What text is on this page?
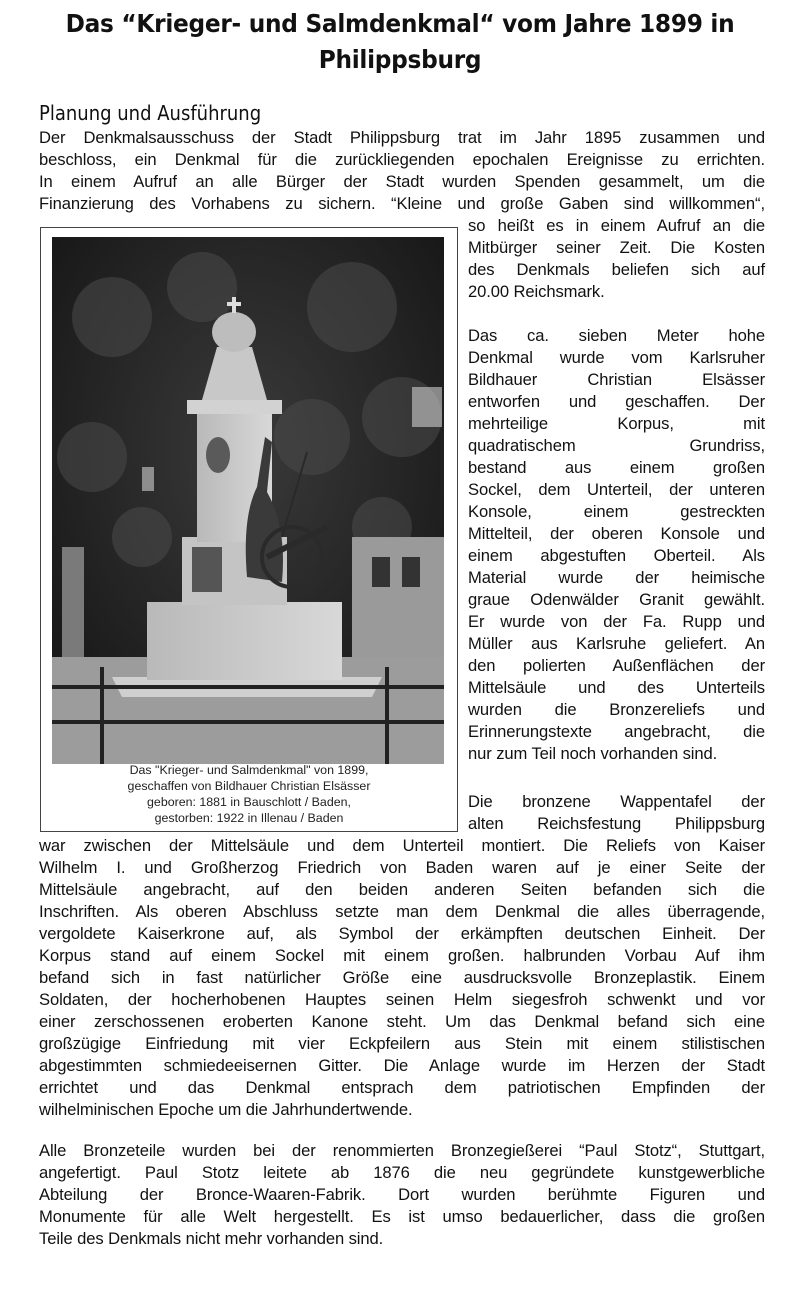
Das “Krieger- und Salmdenkmal“ vom Jahre 1899 in
Philippsburg
Planung und Ausführung
Der Denkmalsausschuss der Stadt Philippsburg trat im Jahr 1895 zusammen und
beschloss, ein Denkmal für die zurückliegenden epochalen Ereignisse zu errichten.
In einem Aufruf an alle Bürger der Stadt wurden Spenden gesammelt, um die
Finanzierung des Vorhabens zu sichern. “Kleine und große Gaben sind willkommen“,
Das "Krieger- und Salmdenkmal" von 1899,
geschaffen von Bildhauer Christian Elsässer
geboren: 1881 in Bauschlott / Baden,
gestorben: 1922 in Illenau / Baden
so heißt es in einem Aufruf an die
Mitbürger seiner Zeit. Die Kosten
des Denkmals beliefen sich auf
20.00 Reichsmark.
Das ca. sieben Meter hohe
Denkmal wurde vom Karlsruher
Bildhauer Christian Elsässer
entworfen und geschaffen. Der
mehrteilige Korpus, mit
quadratischem Grundriss,
bestand aus einem großen
Sockel, dem Unterteil, der unteren
Konsole, einem gestreckten
Mittelteil, der oberen Konsole und
einem abgestuften Oberteil. Als
Material wurde der heimische
graue Odenwälder Granit gewählt.
Er wurde von der Fa. Rupp und
Müller aus Karlsruhe geliefert. An
den polierten Außenflächen der
Mittelsäule und des Unterteils
wurden die Bronzereliefs und
Erinnerungstexte angebracht, die
nur zum Teil noch vorhanden sind.
Die bronzene Wappentafel der
alten Reichsfestung Philippsburg
war zwischen der Mittelsäule und dem Unterteil montiert. Die Reliefs von Kaiser
Wilhelm I. und Großherzog Friedrich von Baden waren auf je einer Seite der
Mittelsäule angebracht, auf den beiden anderen Seiten befanden sich die
Inschriften. Als oberen Abschluss setzte man dem Denkmal die alles überragende,
vergoldete Kaiserkrone auf, als Symbol der erkämpften deutschen Einheit. Der
Korpus stand auf einem Sockel mit einem großen. halbrunden Vorbau Auf ihm
befand sich in fast natürlicher Größe eine ausdrucksvolle Bronzeplastik. Einem
Soldaten, der hocherhobenen Hauptes seinen Helm siegesfroh schwenkt und vor
einer zerschossenen eroberten Kanone steht. Um das Denkmal befand sich eine
großzügige Einfriedung mit vier Eckpfeilern aus Stein mit einem stilistischen
abgestimmten schmiedeeisernen Gitter. Die Anlage wurde im Herzen der Stadt
errichtet und das Denkmal entsprach dem patriotischen Empfinden der
wilhelminischen Epoche um die Jahrhundertwende.
Alle Bronzeteile wurden bei der renommierten Bronzegießerei “Paul Stotz“, Stuttgart,
angefertigt. Paul Stotz leitete ab 1876 die neu gegründete kunstgewerbliche
Abteilung der Bronce-Waaren-Fabrik. Dort wurden berühmte Figuren und
Monumente für alle Welt hergestellt. Es ist umso bedauerlicher, dass die großen
Teile des Denkmals nicht mehr vorhanden sind.
